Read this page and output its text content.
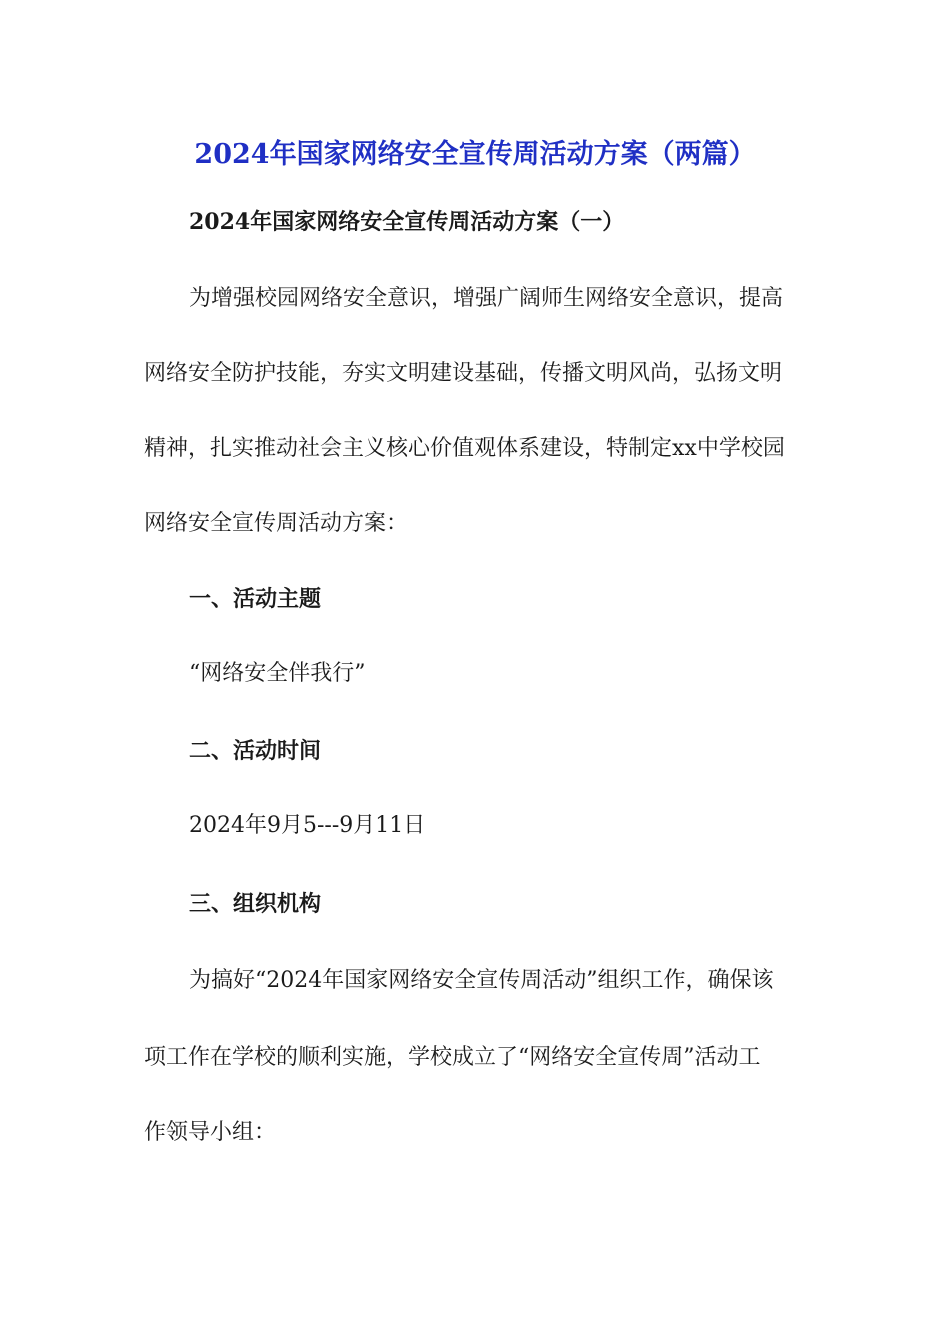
2024年国家网络安全宣传周活动方案（两篇）
2024年国家网络安全宣传周活动方案（一）
为增强校园网络安全意识，增强广阔师生网络安全意识，提高
网络安全防护技能，夯实文明建设基础，传播文明风尚，弘扬文明
精神，扎实推动社会主义核心价值观体系建设，特制定xx中学校园
网络安全宣传周活动方案：
一、活动主题
“网络安全伴我行”
二、活动时间
2024年9月5---9月11日
三、组织机构
为搞好“2024年国家网络安全宣传周活动”组织工作，确保该
项工作在学校的顺利实施，学校成立了“网络安全宣传周”活动工
作领导小组：
